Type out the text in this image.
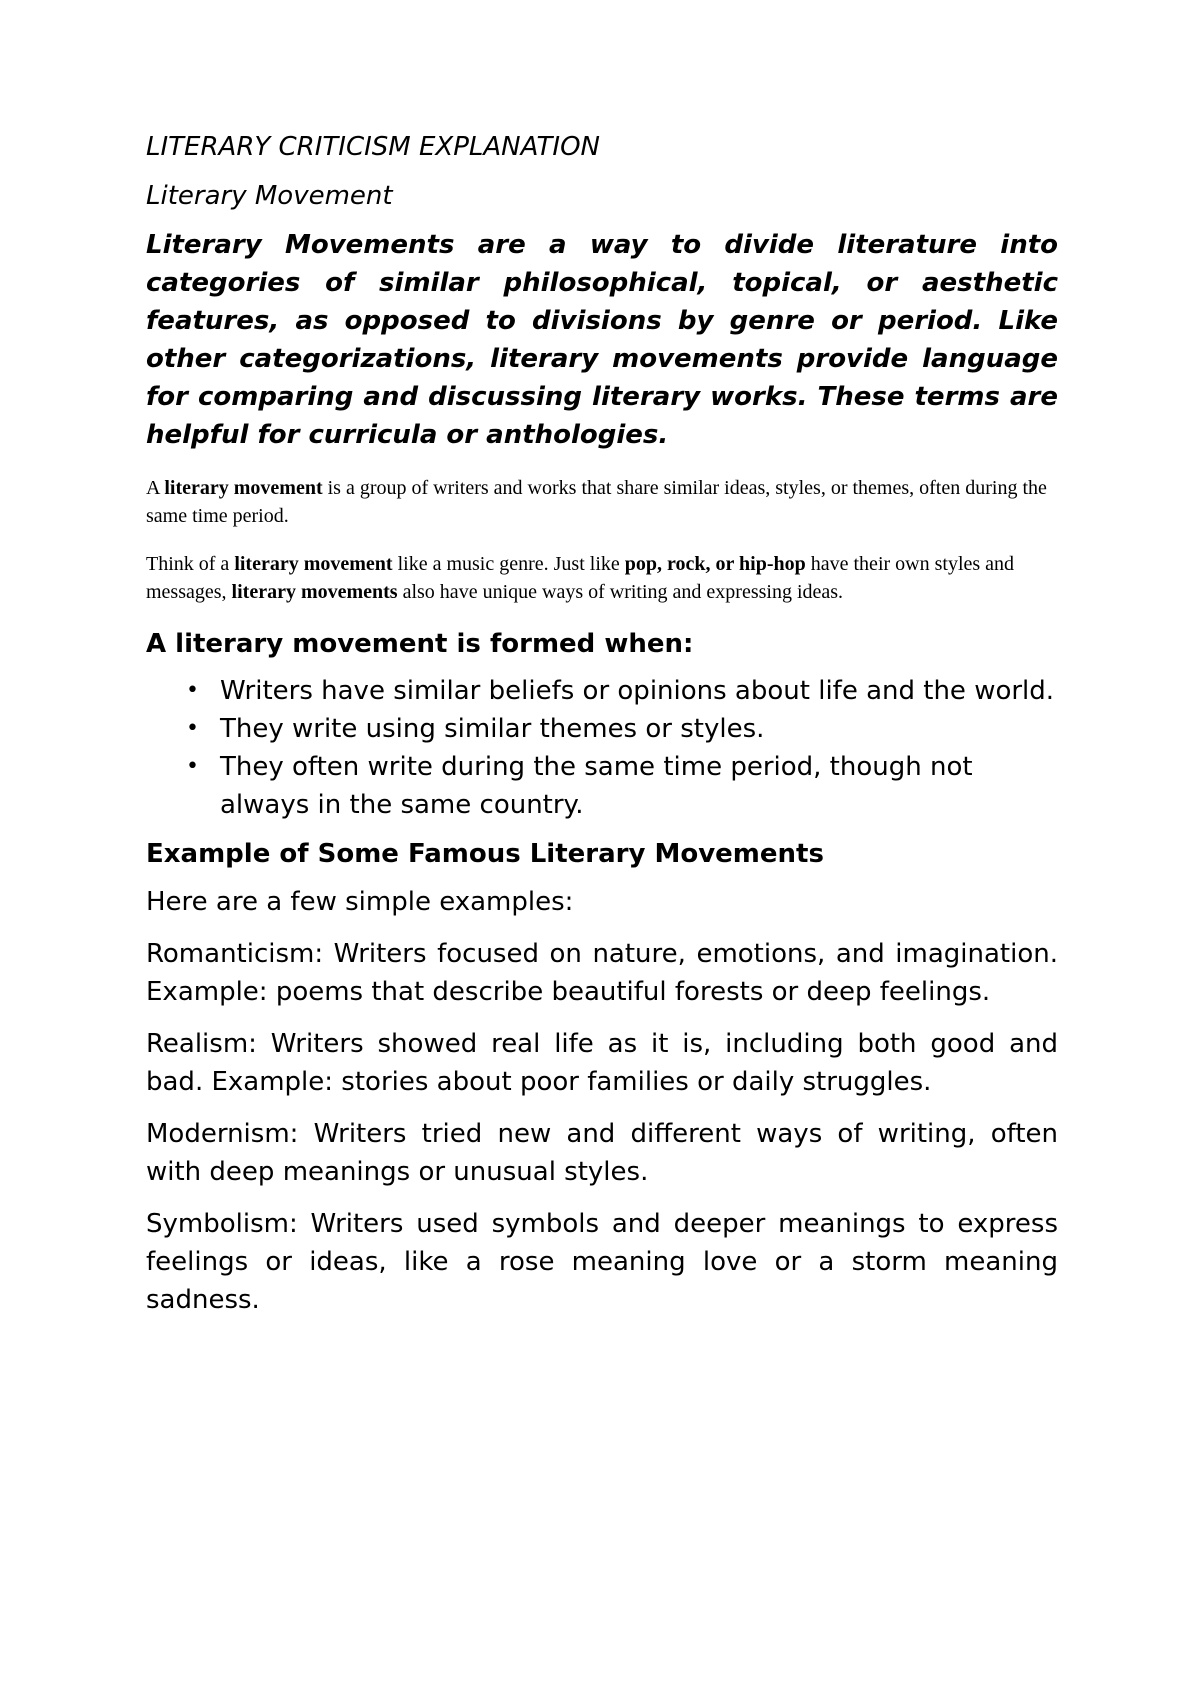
LITERARY CRITICISM EXPLANATION
Literary Movement

Literary Movements are a way to divide literature into categories of similar philosophical, topical, or aesthetic features, as opposed to divisions by genre or period. Like other categorizations, literary movements provide language for comparing and discussing literary works. These terms are helpful for curricula or anthologies.

A literary movement is a group of writers and works that share similar ideas, styles, or themes, often during the same time period.

Think of a literary movement like a music genre. Just like pop, rock, or hip-hop have their own styles and messages, literary movements also have unique ways of writing and expressing ideas.

A literary movement is formed when:
• Writers have similar beliefs or opinions about life and the world.
• They write using similar themes or styles.
• They often write during the same time period, though not always in the same country.
Example of Some Famous Literary Movements

Here are a few simple examples:

Romanticism: Writers focused on nature, emotions, and imagination. Example: poems that describe beautiful forests or deep feelings.

Realism: Writers showed real life as it is, including both good and bad. Example: stories about poor families or daily struggles.

Modernism: Writers tried new and different ways of writing, often with deep meanings or unusual styles.

Symbolism: Writers used symbols and deeper meanings to express feelings or ideas, like a rose meaning love or a storm meaning sadness.
